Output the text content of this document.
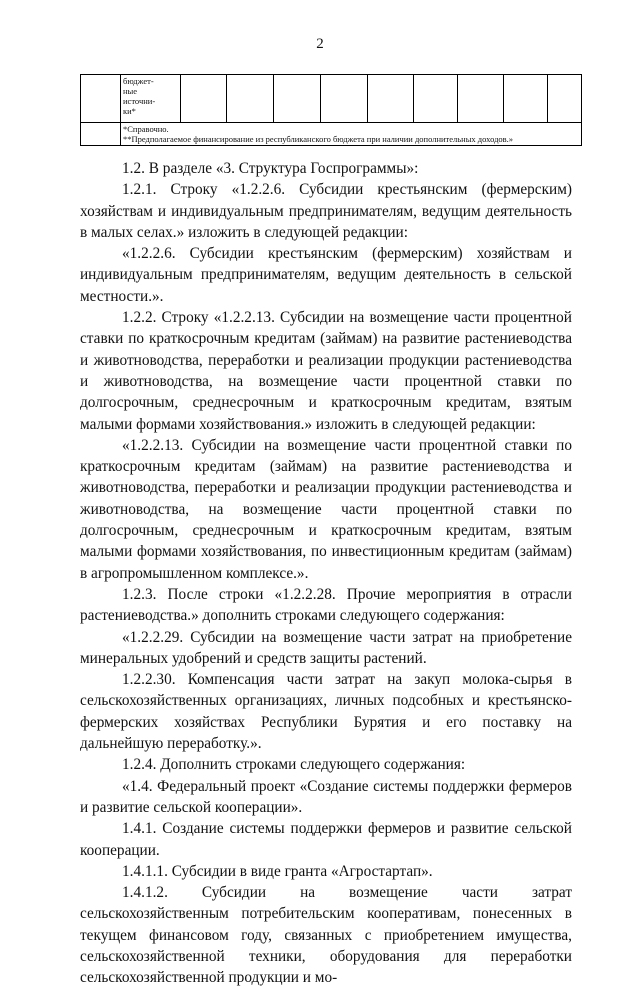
2
	бюджет-
ные
источни-
ки*									

	*Справочно.
**Предполагаемое финансирование из республиканского бюджета при наличии дополнительных доходов.»									

1.2. В разделе «3. Структура Госпрограммы»:

1.2.1. Строку «1.2.2.6. Субсидии крестьянским (фермерским) хозяйствам и индивидуальным предпринимателям, ведущим деятельность в малых селах.» изложить в следующей редакции:

«1.2.2.6. Субсидии крестьянским (фермерским) хозяйствам и индивидуальным предпринимателям, ведущим деятельность в сельской местности.».

1.2.2. Строку «1.2.2.13. Субсидии на возмещение части процентной ставки по краткосрочным кредитам (займам) на развитие растениеводства и животноводства, переработки и реализации продукции растениеводства и животноводства, на возмещение части процентной ставки по долгосрочным, среднесрочным и краткосрочным кредитам, взятым малыми формами хозяйствования.» изложить в следующей редакции:

«1.2.2.13. Субсидии на возмещение части процентной ставки по краткосрочным кредитам (займам) на развитие растениеводства и животноводства, переработки и реализации продукции растениеводства и животноводства, на возмещение части процентной ставки по долгосрочным, среднесрочным и краткосрочным кредитам, взятым малыми формами хозяйствования, по инвестиционным кредитам (займам) в агропромышленном комплексе.».

1.2.3. После строки «1.2.2.28. Прочие мероприятия в отрасли растениеводства.» дополнить строками следующего содержания:

«1.2.2.29. Субсидии на возмещение части затрат на приобретение минеральных удобрений и средств защиты растений.

1.2.2.30. Компенсация части затрат на закуп молока-сырья в сельскохозяйственных организациях, личных подсобных и крестьянско-фермерских хозяйствах Республики Бурятия и его поставку на дальнейшую переработку.».

1.2.4. Дополнить строками следующего содержания:

«1.4. Федеральный проект «Создание системы поддержки фермеров и развитие сельской кооперации».

1.4.1. Создание системы поддержки фермеров и развитие сельской кооперации.

1.4.1.1. Субсидии в виде гранта «Агростартап».

1.4.1.2. Субсидии на возмещение части затрат сельскохозяйственным потребительским кооперативам, понесенных в текущем финансовом году, связанных с приобретением имущества, сельскохозяйственной техники, оборудования для переработки сельскохозяйственной продукции и мо-
